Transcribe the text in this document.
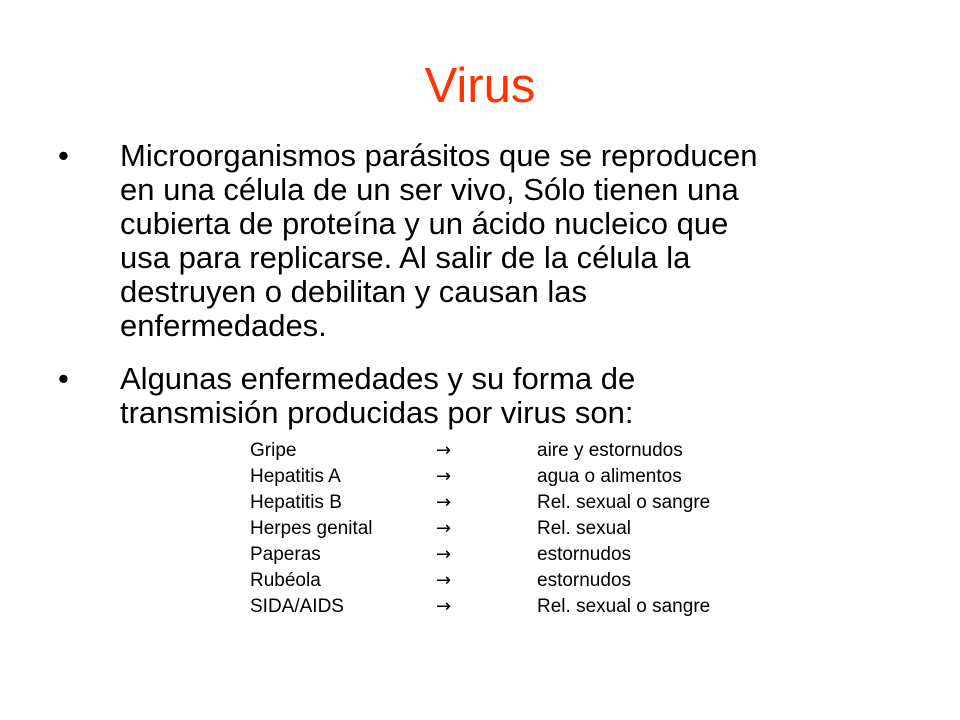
Virus
•	Microorganismos parásitos que se reproducen
en una célula de un ser vivo, Sólo tienen una
cubierta de proteína y un ácido nucleico que
usa para replicarse. Al salir de la célula la
destruyen o debilitan y causan las
enfermedades.
•	Algunas enfermedades y su forma de
transmisión producidas por virus son:
Gripe	→	aire y estornudos
Hepatitis A	→	agua o alimentos
Hepatitis B	→	Rel. sexual o sangre
Herpes genital	→	Rel. sexual
Paperas	→	estornudos
Rubéola	→	estornudos
SIDA/AIDS	→	Rel. sexual o sangre
